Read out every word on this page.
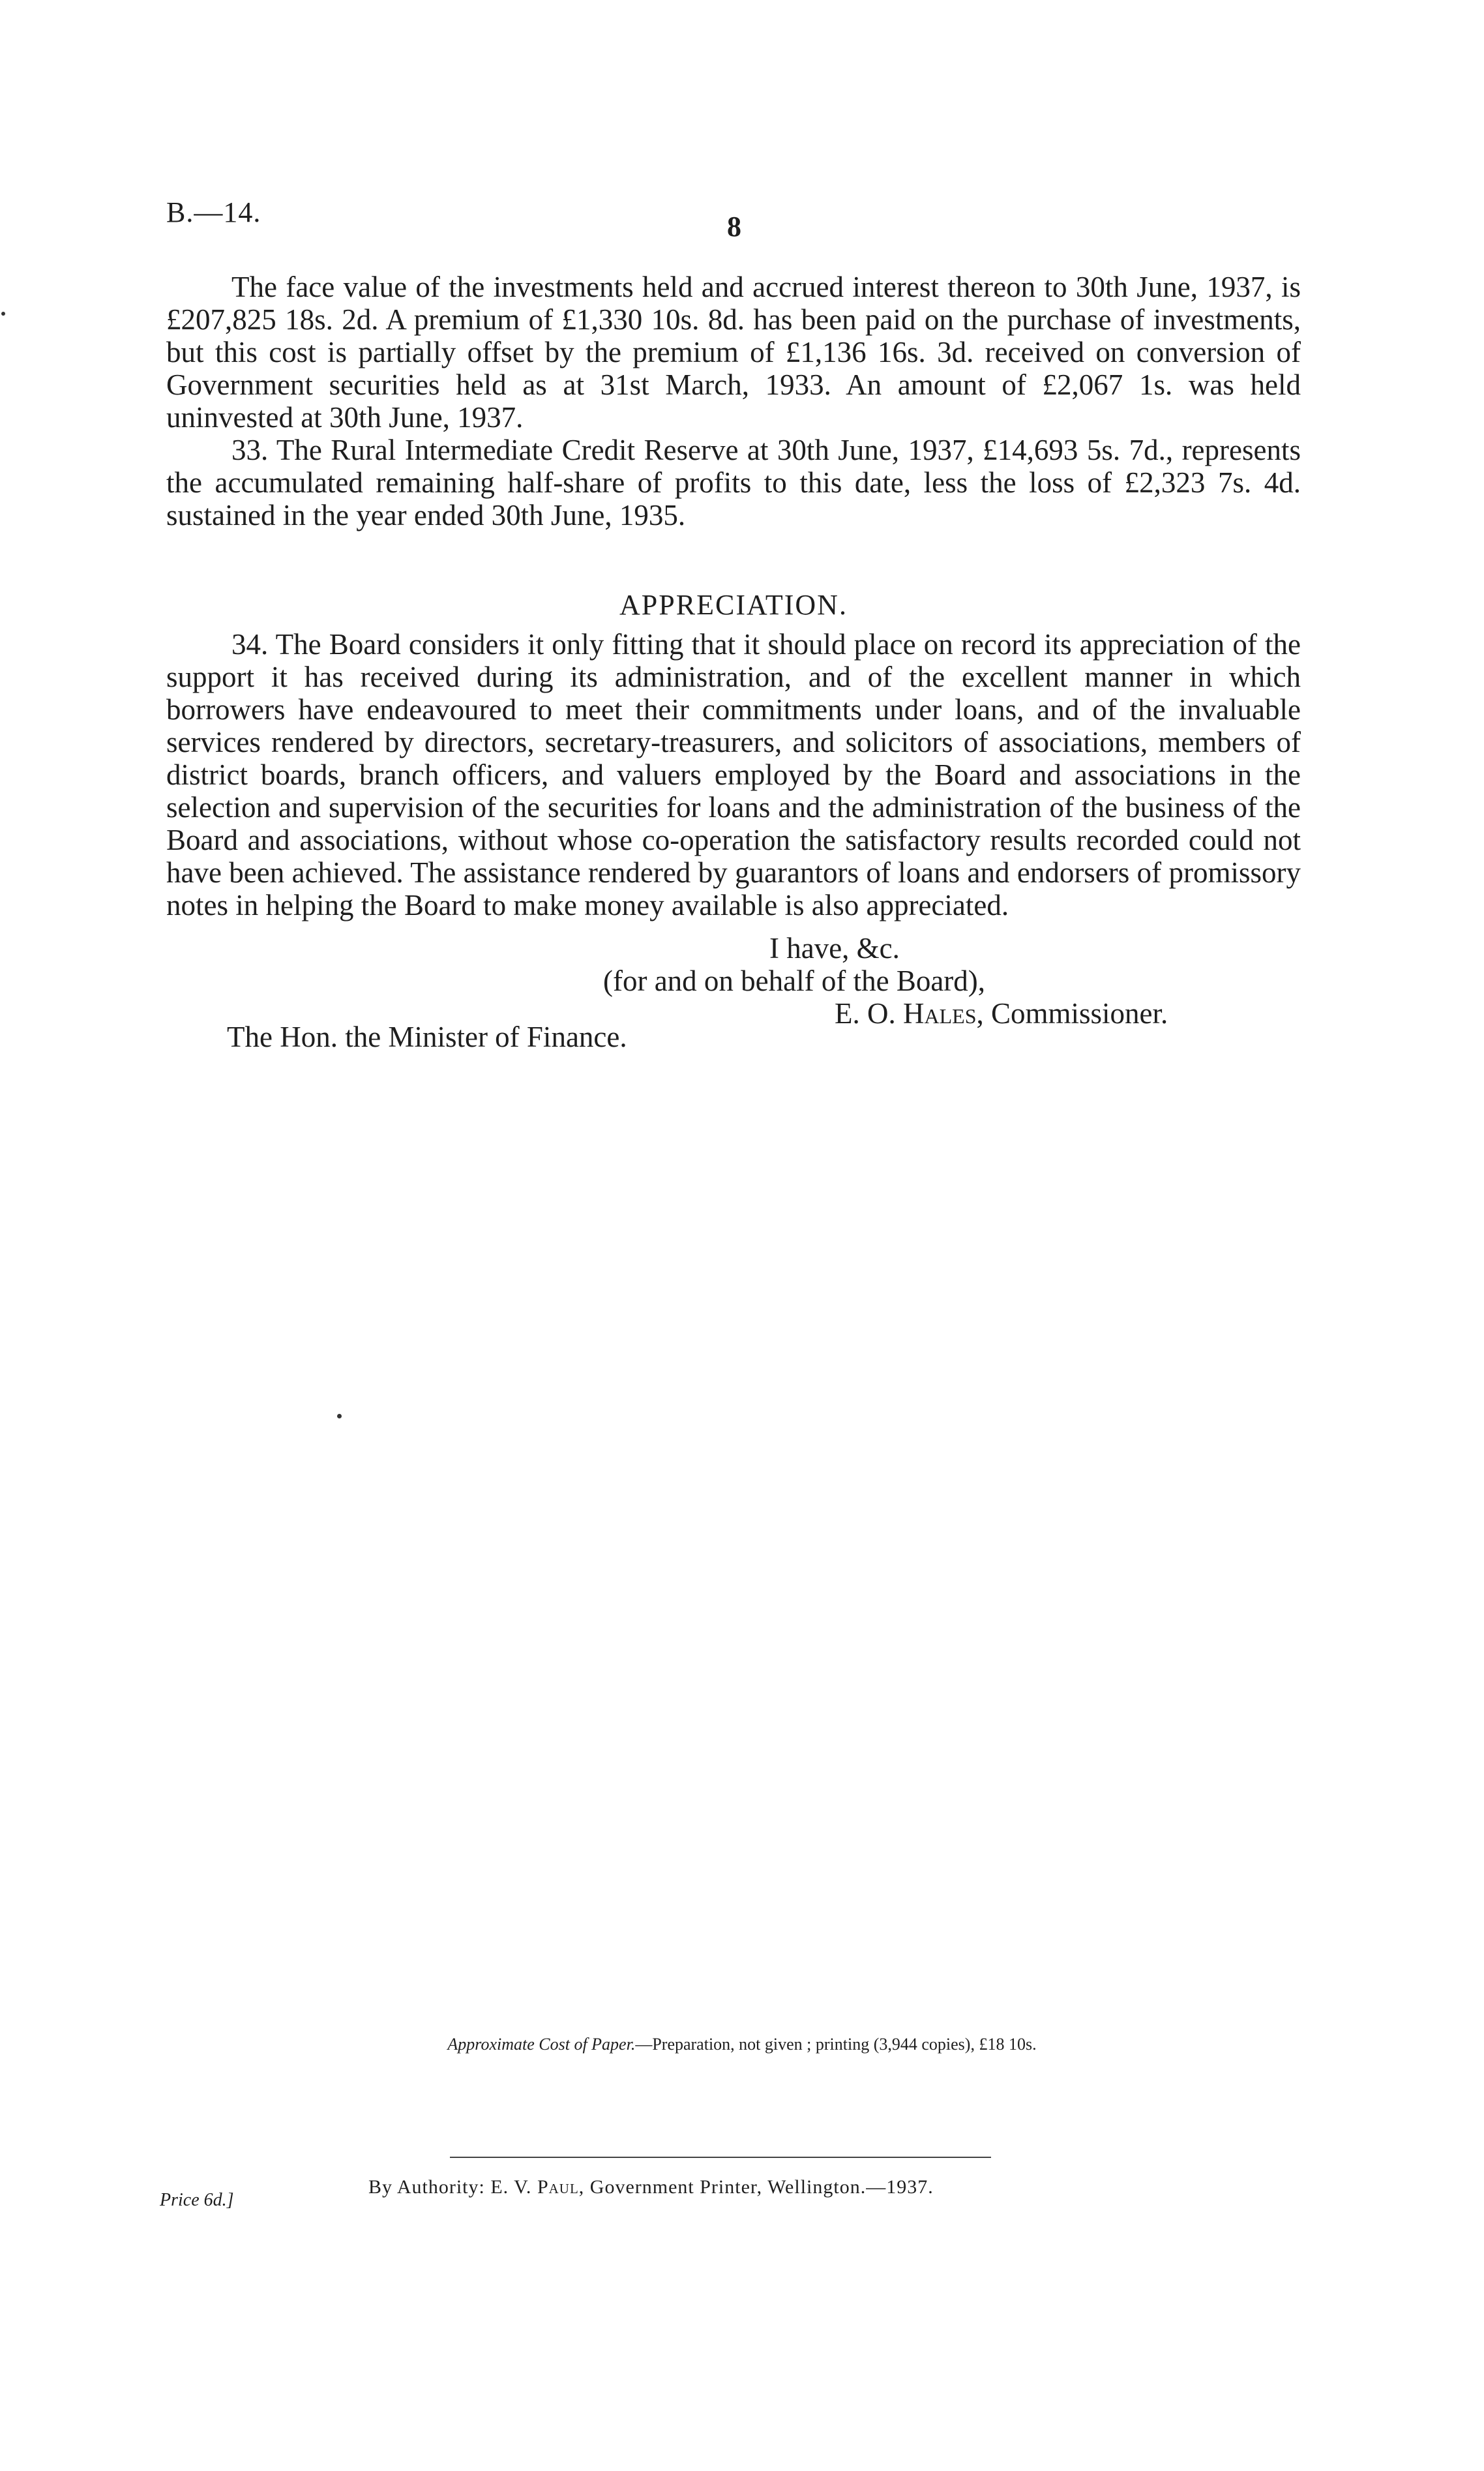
B.—14.	8

The face value of the investments held and accrued interest thereon to 30th June, 1937, is £207,825 18s. 2d. A premium of £1,330 10s. 8d. has been paid on the purchase of investments, but this cost is partially offset by the premium of £1,136 16s. 3d. received on conversion of Government securities held as at 31st March, 1933. An amount of £2,067 1s. was held uninvested at 30th June, 1937.

33. The Rural Intermediate Credit Reserve at 30th June, 1937, £14,693 5s. 7d., represents the accumulated remaining half-share of profits to this date, less the loss of £2,323 7s. 4d. sustained in the year ended 30th June, 1935.

APPRECIATION.

34. The Board considers it only fitting that it should place on record its appreciation of the support it has received during its administration, and of the excellent manner in which borrowers have endeavoured to meet their commitments under loans, and of the invaluable services rendered by directors, secretary-treasurers, and solicitors of associations, members of district boards, branch officers, and valuers employed by the Board and associations in the selection and supervision of the securities for loans and the administration of the business of the Board and associations, without whose co-operation the satisfactory results recorded could not have been achieved. The assistance rendered by guarantors of loans and endorsers of promissory notes in helping the Board to make money available is also appreciated.

I have, &c.
(for and on behalf of the Board),
E. O. Hales, Commissioner.
The Hon. the Minister of Finance.
Approximate Cost of Paper.—Preparation, not given ; printing (3,944 copies), £18 10s.
By Authority: E. V. Paul, Government Printer, Wellington.—1937.
Price 6d.]
